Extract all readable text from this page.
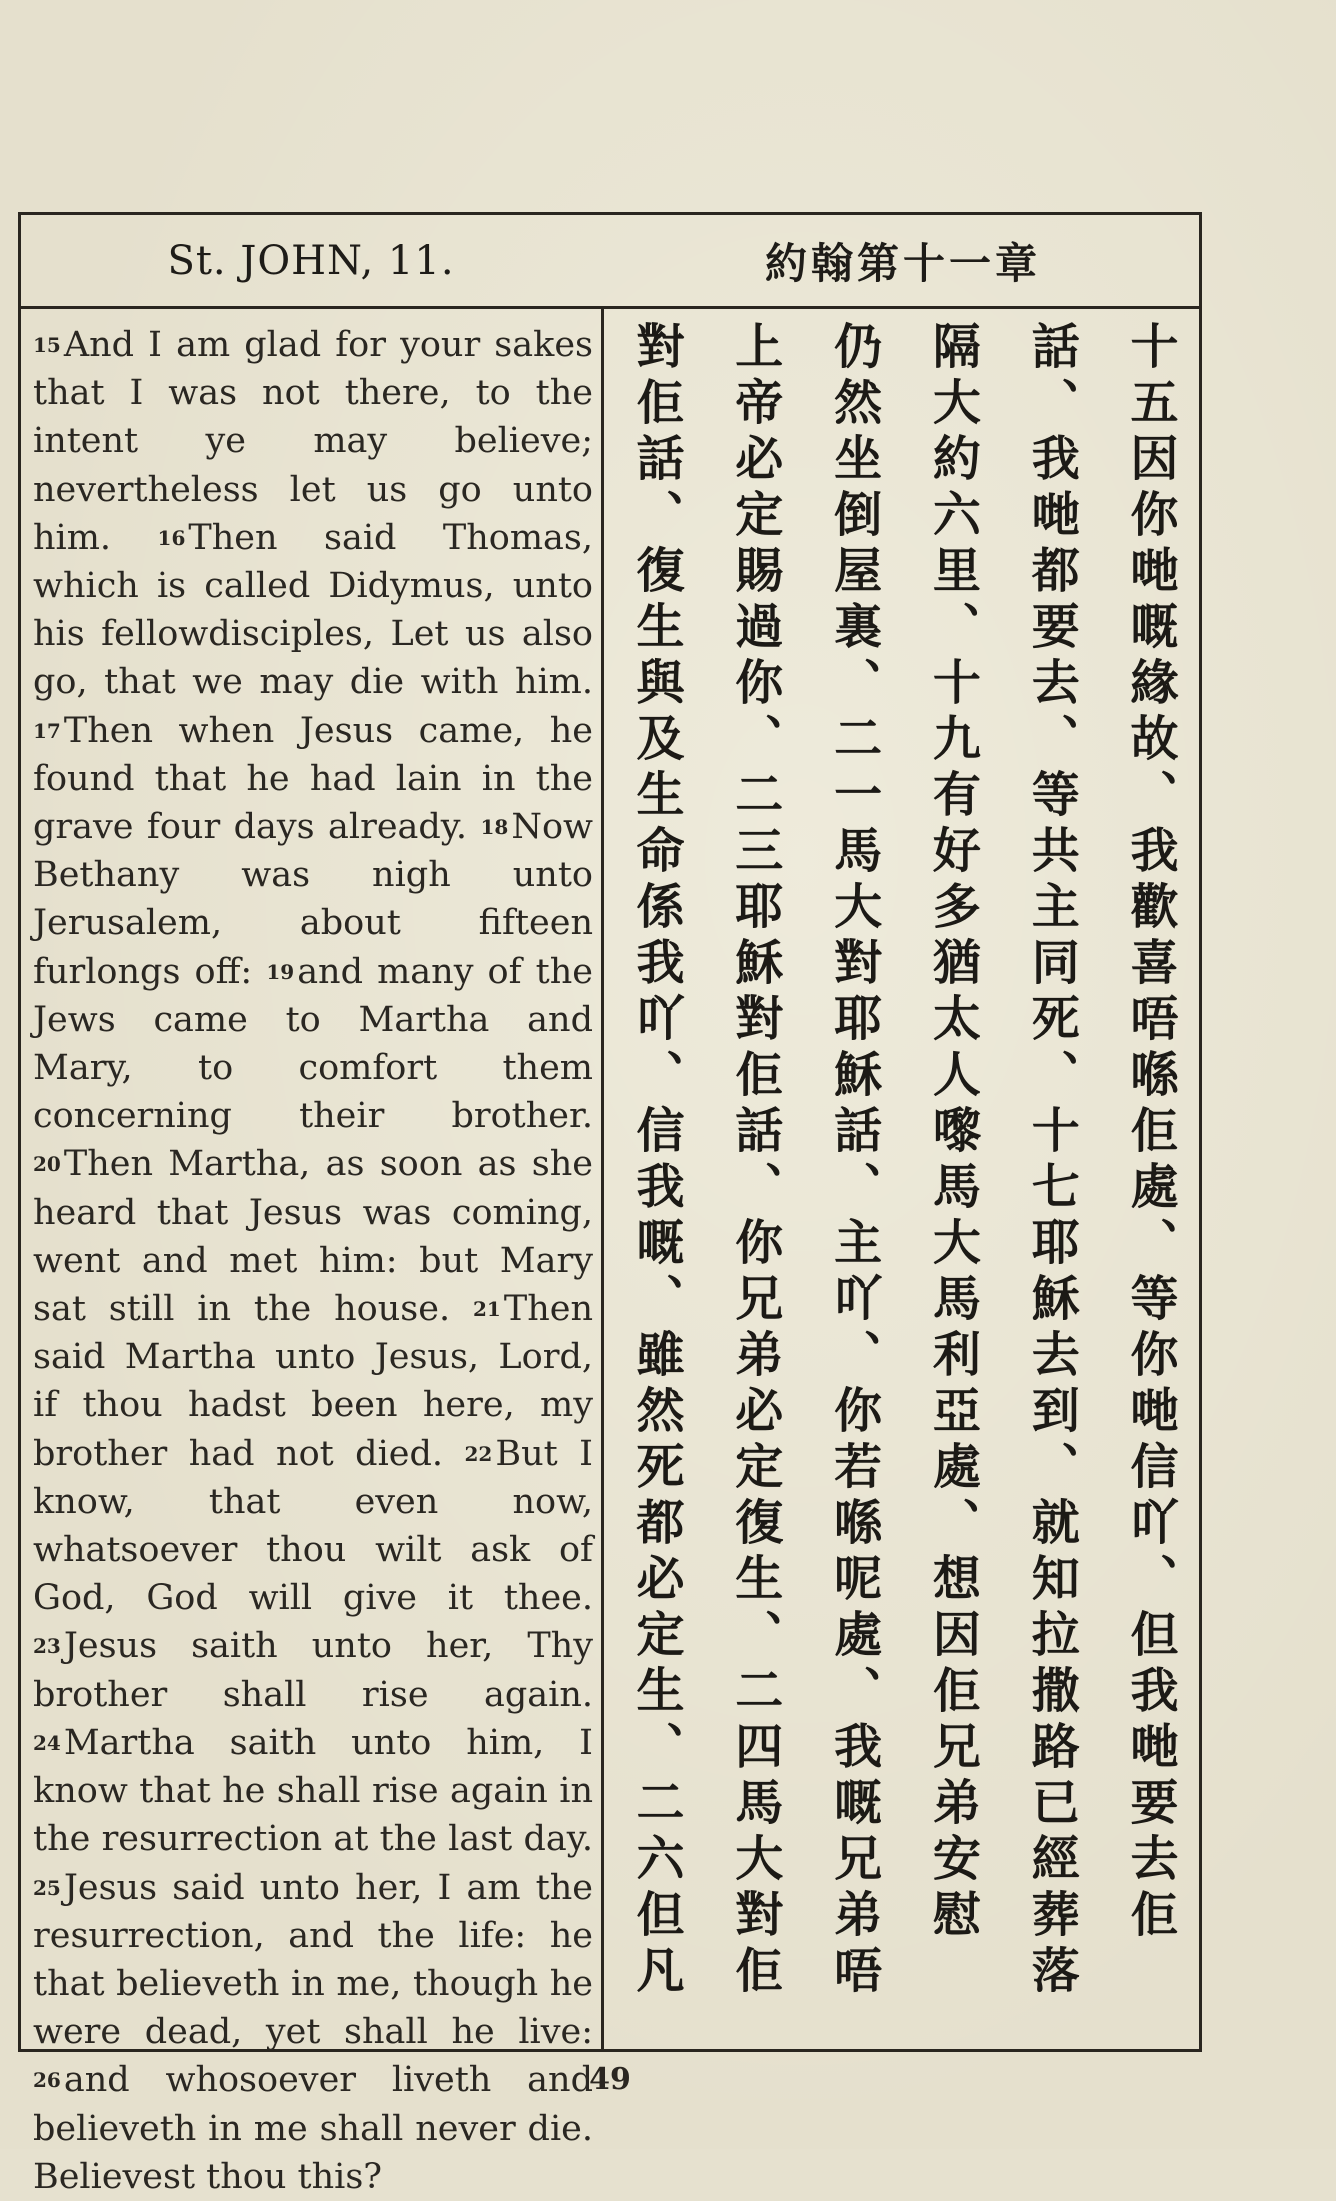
St. JOHN, 11.	約翰第十一章

15And I am glad for your sakes that I was not there, to the intent ye may believe; nevertheless let us go unto him. 16Then said Thomas, which is called Didymus, unto his fellowdisciples, Let us also go, that we may die with him. 17Then when Jesus came, he found that he had lain in the grave four days already. 18Now Bethany was nigh unto Jerusalem, about fifteen furlongs off: 19and many of the Jews came to Martha and Mary, to comfort them concerning their brother. 20Then Martha, as soon as she heard that Jesus was coming, went and met him: but Mary sat still in the house. 21Then said Martha unto Jesus, Lord, if thou hadst been here, my brother had not died. 22But I know, that even now, whatsoever thou wilt ask of God, God will give it thee. 23Jesus saith unto her, Thy brother shall rise again. 24Martha saith unto him, I know that he shall rise again in the resurrection at the last day. 25Jesus said unto her, I am the resurrection, and the life: he that believeth in me, though he were dead, yet shall he live: 26and whosoever liveth and believeth in me shall never die. Believest thou this?

十五因你哋嘅緣故、我歡喜唔喺佢處、等你哋信吖、但我哋要去佢
話、我哋都要去、等共主同死、十七耶穌去到、就知拉撒路已經葬落
隔大約六里、十九有好多猶太人嚟馬大馬利亞處、想因佢兄弟安慰
仍然坐倒屋裏、二一馬大對耶穌話、主吖、你若喺呢處、我嘅兄弟唔
上帝必定賜過你、二三耶穌對佢話、你兄弟必定復生、二四馬大對佢
對佢話、復生與及生命係我吖、信我嘅、雖然死都必定生、二六但凡
49
